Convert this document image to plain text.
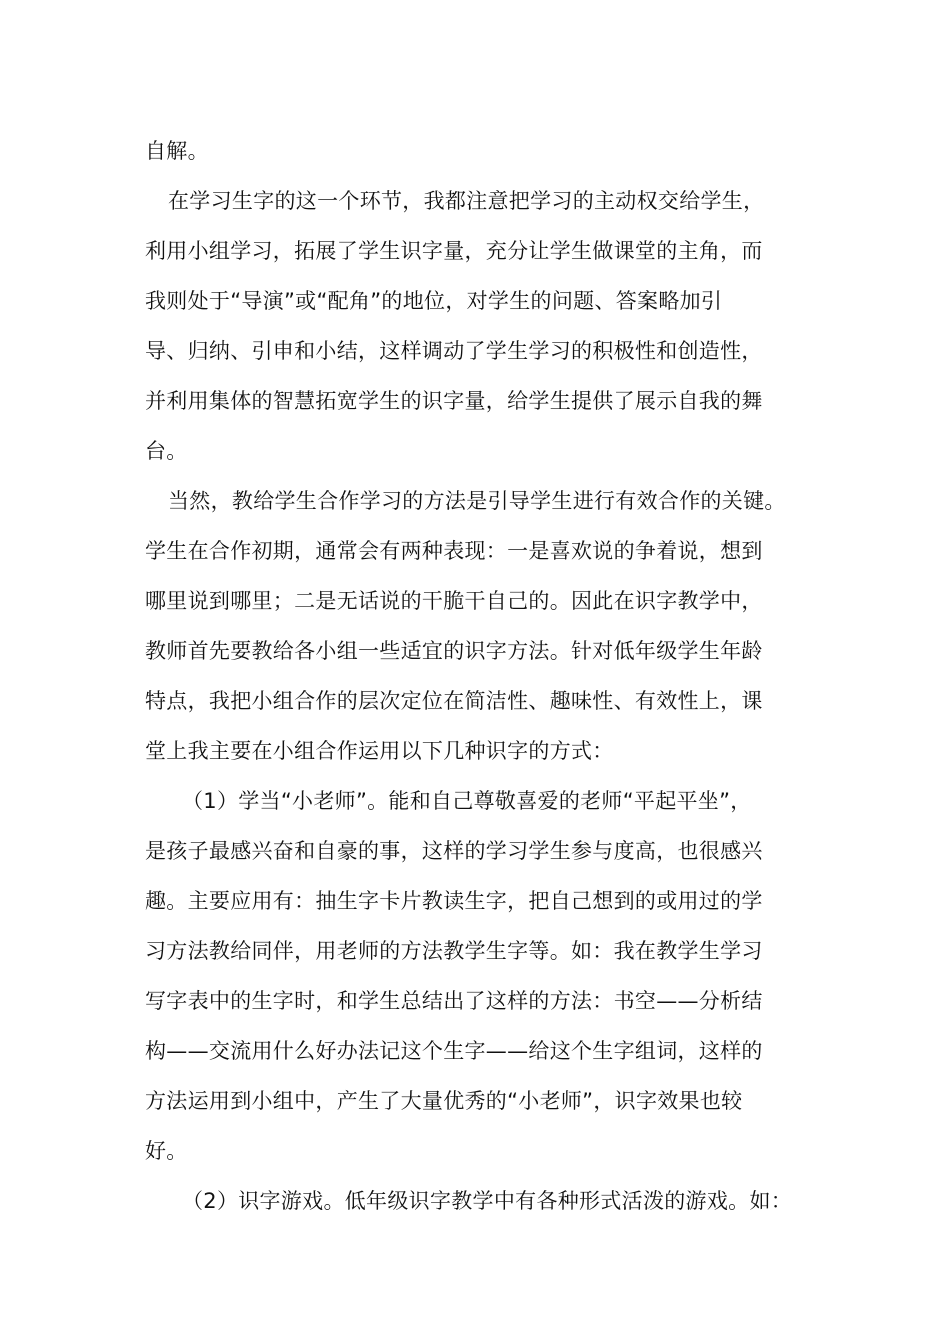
自解。
在学习生字的这一个环节，我都注意把学习的主动权交给学生，
利用小组学习，拓展了学生识字量，充分让学生做课堂的主角，而
我则处于“导演”或“配角”的地位，对学生的问题、答案略加引
导、归纳、引申和小结，这样调动了学生学习的积极性和创造性，
并利用集体的智慧拓宽学生的识字量，给学生提供了展示自我的舞
台。
当然，教给学生合作学习的方法是引导学生进行有效合作的关键。
学生在合作初期，通常会有两种表现：一是喜欢说的争着说，想到
哪里说到哪里；二是无话说的干脆干自己的。因此在识字教学中，
教师首先要教给各小组一些适宜的识字方法。针对低年级学生年龄
特点，我把小组合作的层次定位在简洁性、趣味性、有效性上，课
堂上我主要在小组合作运用以下几种识字的方式：
（1）学当“小老师”。能和自己尊敬喜爱的老师“平起平坐”，
是孩子最感兴奋和自豪的事，这样的学习学生参与度高，也很感兴
趣。主要应用有：抽生字卡片教读生字，把自己想到的或用过的学
习方法教给同伴，用老师的方法教学生字等。如：我在教学生学习
写字表中的生字时，和学生总结出了这样的方法：书空——分析结
构——交流用什么好办法记这个生字——给这个生字组词，这样的
方法运用到小组中，产生了大量优秀的“小老师”，识字效果也较
好。
（2）识字游戏。低年级识字教学中有各种形式活泼的游戏。如：
